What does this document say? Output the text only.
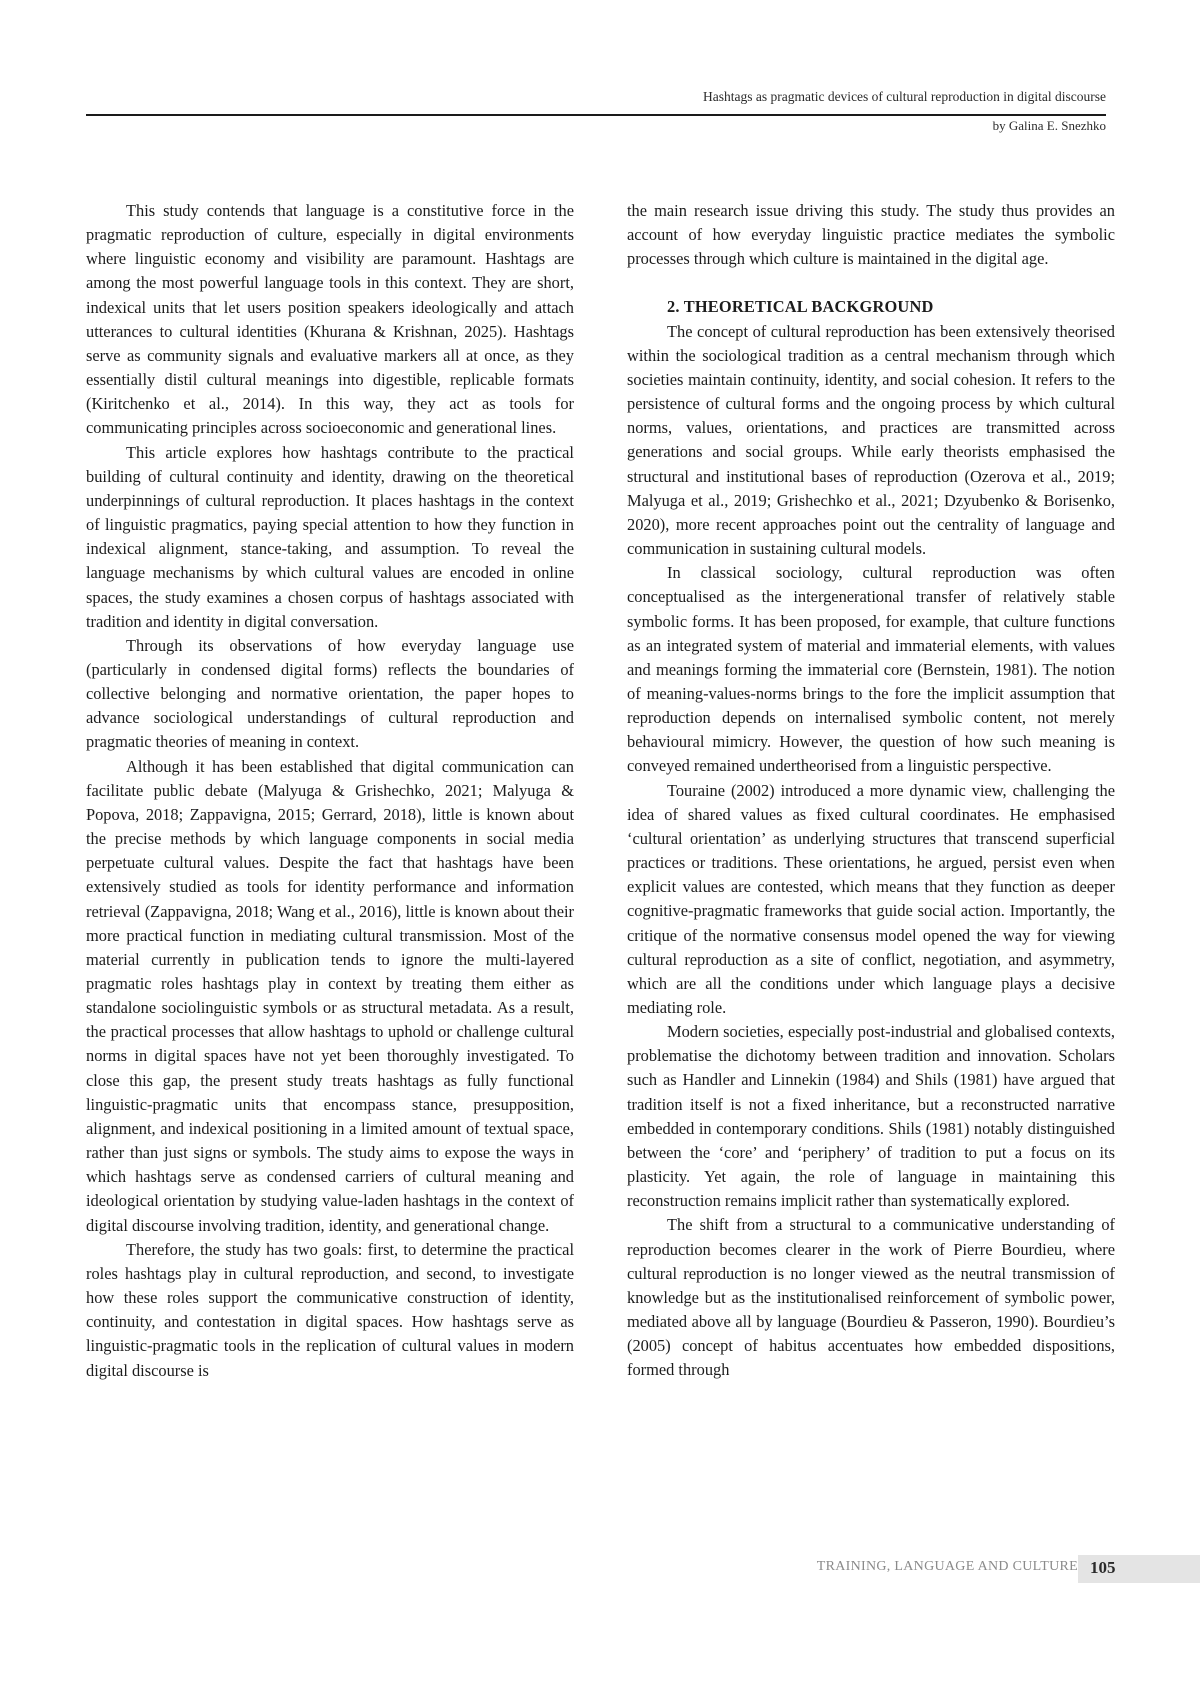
Hashtags as pragmatic devices of cultural reproduction in digital discourse
by Galina E. Snezhko

This study contends that language is a constitutive force in the pragmatic reproduction of culture, especially in digital environments where linguistic economy and visibility are paramount. Hashtags are among the most powerful language tools in this context. They are short, indexical units that let users position speakers ideologically and attach utterances to cultural identities (Khurana & Krishnan, 2025). Hashtags serve as community signals and evaluative markers all at once, as they essentially distil cultural meanings into digestible, replicable formats (Kiritchenko et al., 2014). In this way, they act as tools for communicating principles across socioeconomic and generational lines.

This article explores how hashtags contribute to the practical building of cultural continuity and identity, drawing on the theoretical underpinnings of cultural reproduction. It places hashtags in the context of linguistic pragmatics, paying special attention to how they function in indexical alignment, stance-taking, and assumption. To reveal the language mechanisms by which cultural values are encoded in online spaces, the study examines a chosen corpus of hashtags associated with tradition and identity in digital conversation.

Through its observations of how everyday language use (particularly in condensed digital forms) reflects the boundaries of collective belonging and normative orientation, the paper hopes to advance sociological understandings of cultural reproduction and pragmatic theories of meaning in context.

Although it has been established that digital communication can facilitate public debate (Malyuga & Grishechko, 2021; Malyuga & Popova, 2018; Zappavigna, 2015; Gerrard, 2018), little is known about the precise methods by which language components in social media perpetuate cultural values. Despite the fact that hashtags have been extensively studied as tools for identity performance and information retrieval (Zappavigna, 2018; Wang et al., 2016), little is known about their more practical function in mediating cultural transmission. Most of the material currently in publication tends to ignore the multi-layered pragmatic roles hashtags play in context by treating them either as standalone sociolinguistic symbols or as structural metadata. As a result, the practical processes that allow hashtags to uphold or challenge cultural norms in digital spaces have not yet been thoroughly investigated. To close this gap, the present study treats hashtags as fully functional linguistic-pragmatic units that encompass stance, presupposition, alignment, and indexical positioning in a limited amount of textual space, rather than just signs or symbols. The study aims to expose the ways in which hashtags serve as condensed carriers of cultural meaning and ideological orientation by studying value-laden hashtags in the context of digital discourse involving tradition, identity, and generational change.

Therefore, the study has two goals: first, to determine the practical roles hashtags play in cultural reproduction, and second, to investigate how these roles support the communicative construction of identity, continuity, and contestation in digital spaces. How hashtags serve as linguistic-pragmatic tools in the replication of cultural values in modern digital discourse is

the main research issue driving this study. The study thus provides an account of how everyday linguistic practice mediates the symbolic processes through which culture is maintained in the digital age.

2. THEORETICAL BACKGROUND

The concept of cultural reproduction has been extensively theorised within the sociological tradition as a central mechanism through which societies maintain continuity, identity, and social cohesion. It refers to the persistence of cultural forms and the ongoing process by which cultural norms, values, orientations, and practices are transmitted across generations and social groups. While early theorists emphasised the structural and institutional bases of reproduction (Ozerova et al., 2019; Malyuga et al., 2019; Grishechko et al., 2021; Dzyubenko & Borisenko, 2020), more recent approaches point out the centrality of language and communication in sustaining cultural models.

In classical sociology, cultural reproduction was often conceptualised as the intergenerational transfer of relatively stable symbolic forms. It has been proposed, for example, that culture functions as an integrated system of material and immaterial elements, with values and meanings forming the immaterial core (Bernstein, 1981). The notion of meaning-values-norms brings to the fore the implicit assumption that reproduction depends on internalised symbolic content, not merely behavioural mimicry. However, the question of how such meaning is conveyed remained undertheorised from a linguistic perspective.

Touraine (2002) introduced a more dynamic view, challenging the idea of shared values as fixed cultural coordinates. He emphasised ‘cultural orientation’ as underlying structures that transcend superficial practices or traditions. These orientations, he argued, persist even when explicit values are contested, which means that they function as deeper cognitive-pragmatic frameworks that guide social action. Importantly, the critique of the normative consensus model opened the way for viewing cultural reproduction as a site of conflict, negotiation, and asymmetry, which are all the conditions under which language plays a decisive mediating role.

Modern societies, especially post-industrial and globalised contexts, problematise the dichotomy between tradition and innovation. Scholars such as Handler and Linnekin (1984) and Shils (1981) have argued that tradition itself is not a fixed inheritance, but a reconstructed narrative embedded in contemporary conditions. Shils (1981) notably distinguished between the ‘core’ and ‘periphery’ of tradition to put a focus on its plasticity. Yet again, the role of language in maintaining this reconstruction remains implicit rather than systematically explored.

The shift from a structural to a communicative understanding of reproduction becomes clearer in the work of Pierre Bourdieu, where cultural reproduction is no longer viewed as the neutral transmission of knowledge but as the institutionalised reinforcement of symbolic power, mediated above all by language (Bourdieu & Passeron, 1990). Bourdieu’s (2005) concept of habitus accentuates how embedded dispositions, formed through

TRAINING, LANGUAGE AND CULTURE 105
